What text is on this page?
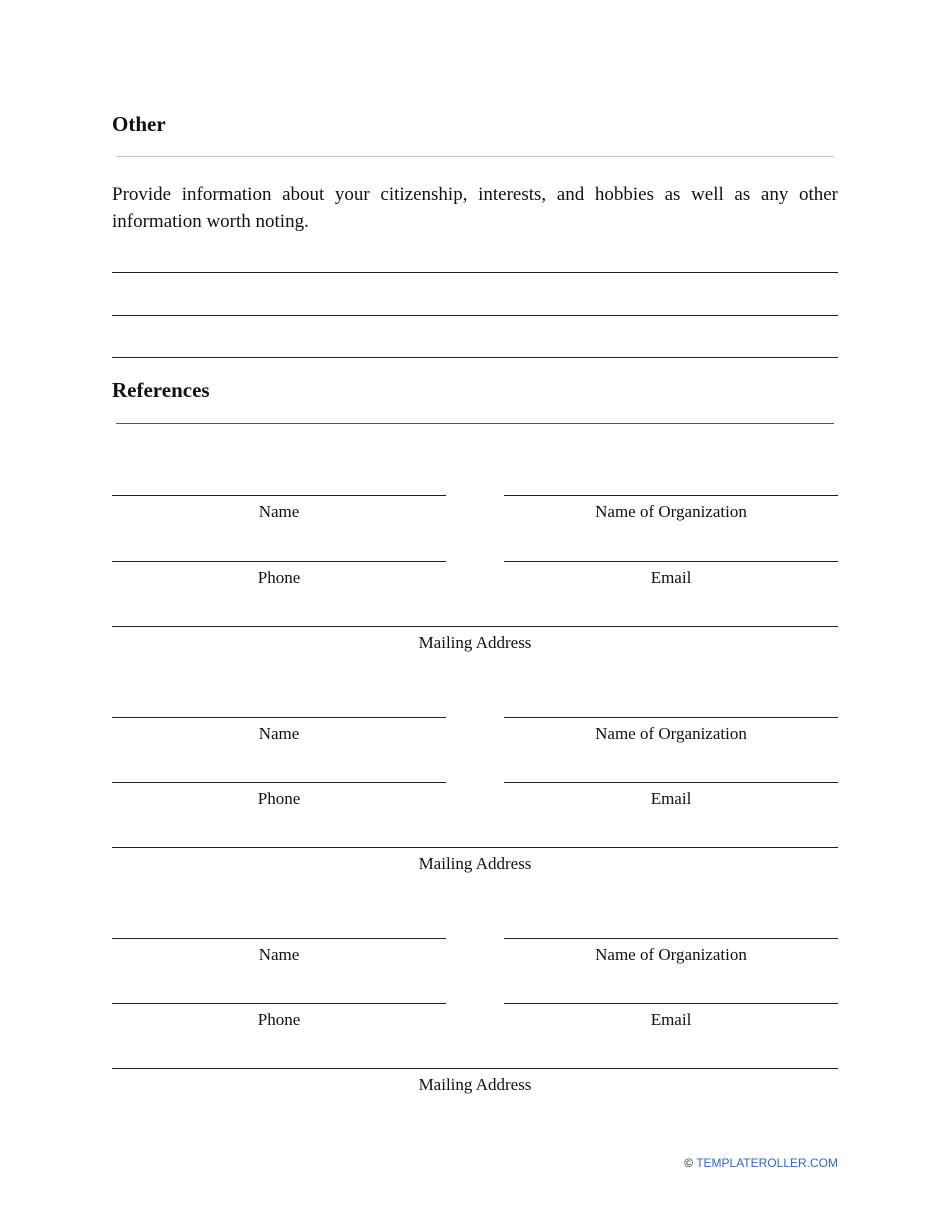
Other

Provide information about your citizenship, interests, and hobbies as well as any other information worth noting.

References
Name	Name of Organization
Phone	Email
Mailing Address
Name	Name of Organization
Phone	Email
Mailing Address
Name	Name of Organization
Phone	Email
Mailing Address
© TEMPLATEROLLER.COM
